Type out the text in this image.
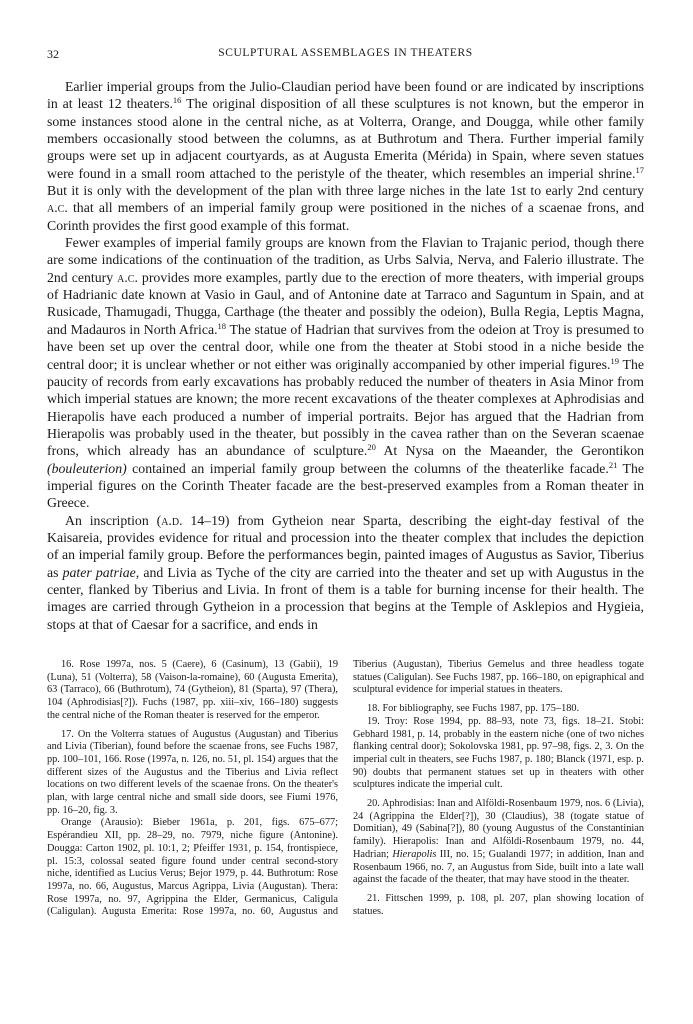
32	SCULPTURAL ASSEMBLAGES IN THEATERS

Earlier imperial groups from the Julio-Claudian period have been found or are indicated by inscriptions in at least 12 theaters.$^{16}$ The original disposition of all these sculptures is not known, but the emperor in some instances stood alone in the central niche, as at Volterra, Orange, and Dougga, while other family members occasionally stood between the columns, as at Buthrotum and Thera. Further imperial family groups were set up in adjacent courtyards, as at Augusta Emerita (Mérida) in Spain, where seven statues were found in a small room attached to the peristyle of the theater, which resembles an imperial shrine.$^{17}$ But it is only with the development of the plan with three large niches in the late 1st to early 2nd century a.c. that all members of an imperial family group were positioned in the niches of a scaenae frons, and Corinth provides the first good example of this format.

Fewer examples of imperial family groups are known from the Flavian to Trajanic period, though there are some indications of the continuation of the tradition, as Urbs Salvia, Nerva, and Falerio illustrate. The 2nd century a.c. provides more examples, partly due to the erection of more theaters, with imperial groups of Hadrianic date known at Vasio in Gaul, and of Antonine date at Tarraco and Saguntum in Spain, and at Rusicade, Thamugadi, Thugga, Carthage (the theater and possibly the odeion), Bulla Regia, Leptis Magna, and Madauros in North Africa.$^{18}$ The statue of Hadrian that survives from the odeion at Troy is presumed to have been set up over the central door, while one from the theater at Stobi stood in a niche beside the central door; it is unclear whether or not either was originally accompanied by other imperial figures.$^{19}$ The paucity of records from early excavations has probably reduced the number of theaters in Asia Minor from which imperial statues are known; the more recent excavations of the theater complexes at Aphrodisias and Hierapolis have each produced a number of imperial portraits. Bejor has argued that the Hadrian from Hierapolis was probably used in the theater, but possibly in the cavea rather than on the Severan scaenae frons, which already has an abundance of sculpture.$^{20}$ At Nysa on the Maeander, the Gerontikon (bouleuterion) contained an imperial family group between the columns of the theaterlike facade.$^{21}$ The imperial figures on the Corinth Theater facade are the best-preserved examples from a Roman theater in Greece.

An inscription (a.d. 14–19) from Gytheion near Sparta, describing the eight-day festival of the Kaisareia, provides evidence for ritual and procession into the theater complex that includes the depiction of an imperial family group. Before the performances begin, painted images of Augustus as Savior, Tiberius as pater patriae, and Livia as Tyche of the city are carried into the theater and set up with Augustus in the center, flanked by Tiberius and Livia. In front of them is a table for burning incense for their health. The images are carried through Gytheion in a procession that begins at the Temple of Asklepios and Hygieia, stops at that of Caesar for a sacrifice, and ends in

16. Rose 1997a, nos. 5 (Caere), 6 (Casinum), 13 (Gabii), 19 (Luna), 51 (Volterra), 58 (Vaison-la-romaine), 60 (Augusta Emerita), 63 (Tarraco), 66 (Buthrotum), 74 (Gytheion), 81 (Sparta), 97 (Thera), 104 (Aphrodisias[?]). Fuchs (1987, pp. xiii–xiv, 166–180) suggests the central niche of the Roman theater is reserved for the emperor.

17. On the Volterra statues of Augustus (Augustan) and Tiberius and Livia (Tiberian), found before the scaenae frons, see Fuchs 1987, pp. 100–101, 166. Rose (1997a, n. 126, no. 51, pl. 154) argues that the different sizes of the Augustus and the Tiberius and Livia reflect locations on two different levels of the scaenae frons. On the theater's plan, with large central niche and small side doors, see Fiumi 1976, pp. 16–20, fig. 3.

Orange (Arausio): Bieber 1961a, p. 201, figs. 675–677; Espérandieu XII, pp. 28–29, no. 7979, niche figure (Antonine). Dougga: Carton 1902, pl. 10:1, 2; Pfeiffer 1931, p. 154, frontispiece, pl. 15:3, colossal seated figure found under central second-story niche, identified as Lucius Verus; Bejor 1979, p. 44. Buthrotum: Rose 1997a, no. 66, Augustus, Marcus Agrippa, Livia (Augustan). Thera: Rose 1997a, no. 97, Agrippina the Elder, Germanicus, Caligula (Caligulan). Augusta Emerita: Rose 1997a, no. 60, Augustus and Tiberius (Augustan), Tiberius Gemelus and three headless togate statues (Caligulan). See Fuchs 1987, pp. 166–180, on epigraphical and sculptural evidence for imperial statues in theaters.

18. For bibliography, see Fuchs 1987, pp. 175–180.

19. Troy: Rose 1994, pp. 88–93, note 73, figs. 18–21. Stobi: Gebhard 1981, p. 14, probably in the eastern niche (one of two niches flanking central door); Sokolovska 1981, pp. 97–98, figs. 2, 3. On the imperial cult in theaters, see Fuchs 1987, p. 180; Blanck (1971, esp. p. 90) doubts that permanent statues set up in theaters with other sculptures indicate the imperial cult.

20. Aphrodisias: Inan and Alföldi-Rosenbaum 1979, nos. 6 (Livia), 24 (Agrippina the Elder[?]), 30 (Claudius), 38 (togate statue of Domitian), 49 (Sabina[?]), 80 (young Augustus of the Constantinian family). Hierapolis: Inan and Alföldi-Rosenbaum 1979, no. 44, Hadrian; Hierapolis III, no. 15; Gualandi 1977; in addition, Inan and Rosenbaum 1966, no. 7, an Augustus from Side, built into a late wall against the facade of the theater, that may have stood in the theater.

21. Fittschen 1999, p. 108, pl. 207, plan showing location of statues.
